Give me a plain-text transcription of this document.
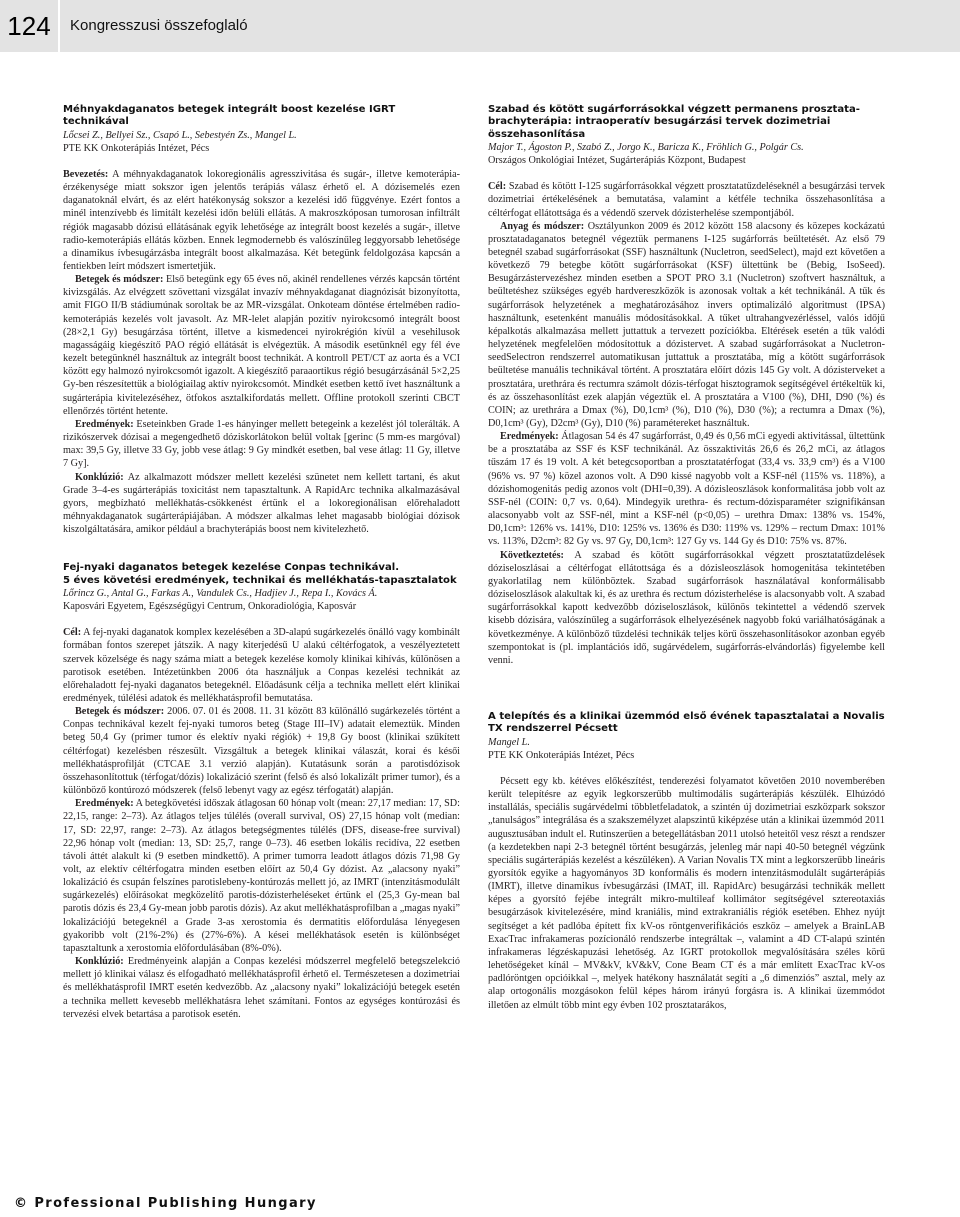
124	Kongresszusi összefoglaló
Méhnyakdaganatos betegek integrált boost kezelése IGRT technikával
Lőcsei Z., Bellyei Sz., Csapó L., Sebestyén Zs., Mangel L.
PTE KK Onkoterápiás Intézet, Pécs

Bevezetés: A méhnyakdaganatok lokoregionális agresszivitása és sugár-, illetve kemoterápia-érzékenysége miatt sokszor igen jelentős terápiás válasz érhető el. A dózisemelés ezen daganatoknál elvárt, és az elért hatékonyság sokszor a kezelési idő függvénye. Ezért fontos a minél intenzívebb és limitált kezelési időn belüli ellátás. A makroszkóposan tumorosan infiltrált régiók magasabb dózisú ellátásának egyik lehetősége az integrált boost kezelés a sugár-, illetve radio-kemoterápiás ellátás közben. Ennek legmodernebb és valószínűleg leggyorsabb lehetősége a dinamikus ívbesugárzásba integrált boost alkalmazása. Két betegünk feldolgozása kapcsán a fentiekben leírt módszert ismertetjük.

Betegek és módszer: Első betegünk egy 65 éves nő, akinél rendellenes vérzés kapcsán történt kivizsgálás. Az elvégzett szövettani vizsgálat invazív méhnyakdaganat diagnózisát bizonyította, amit FIGO II/B stádiumúnak soroltak be az MR-vizsgálat. Onkoteam döntése értelmében radio-kemoterápiás kezelés volt javasolt. Az MR-lelet alapján pozitív nyirokcsomó integrált boost (28×2,1 Gy) besugárzása történt, illetve a kismedencei nyirokrégión kívül a vesehilusok magasságáig kiegészítő PAO régió ellátását is elvégeztük. A második esetünknél egy fél éve kezelt betegünknél használtuk az integrált boost technikát. A kontroll PET/CT az aorta és a VCI között egy halmozó nyirokcsomót igazolt. A kiegészítő paraaortikus régió besugárzásánál 5×2,25 Gy-ben részesítettük a biológiailag aktív nyirokcsomót. Mindkét esetben kettő ívet használtunk a sugárterápia kivitelezéséhez, ötfokos asztalkifordatás mellett. Offline protokoll szerinti CBCT ellenőrzés történt hetente.

Eredmények: Eseteinkben Grade 1-es hányinger mellett betegeink a kezelést jól tolerálták. A rizikószervek dózisai a megengedhető dóziskorlátokon belül voltak [gerinc (5 mm-es margóval) max: 39,5 Gy, illetve 33 Gy, jobb vese átlag: 9 Gy mindkét esetben, bal vese átlag: 11 Gy, illetve 7 Gy].

Konklúzió: Az alkalmazott módszer mellett kezelési szünetet nem kellett tartani, és akut Grade 3–4-es sugárterápiás toxicitást nem tapasztaltunk. A RapidArc technika alkalmazásával gyors, megbízható mellékhatás-csökkenést értünk el a lokoregionálisan előrehaladott méhnyakdaganatok sugárterápiájában. A módszer alkalmas lehet magasabb biológiai dózisok kiszolgáltatására, amikor például a brachyterápiás boost nem kivitelezhető.

Fej-nyaki daganatos betegek kezelése Conpas technikával.
5 éves követési eredmények, technikai és mellékhatás-tapasztalatok
Lőrincz G., Antal G., Farkas A., Vandulek Cs., Hadjiev J., Repa I., Kovács Á.
Kaposvári Egyetem, Egészségügyi Centrum, Onkoradiológia, Kaposvár

Cél: A fej-nyaki daganatok komplex kezelésében a 3D-alapú sugárkezelés önálló vagy kombinált formában fontos szerepet játszik. A nagy kiterjedésű U alakú céltérfogatok, a veszélyeztetett szervek közelsége és nagy száma miatt a betegek kezelése komoly klinikai kihívás, különösen a parotisok esetében. Intézetünkben 2006 óta használjuk a Conpas kezelési technikát az előrehaladott fej-nyaki daganatos betegeknél. Előadásunk célja a technika mellett elért klinikai eredmények, túlélési adatok és mellékhatásprofil bemutatása.

Betegek és módszer: 2006. 07. 01 és 2008. 11. 31 között 83 különálló sugárkezelés történt a Conpas technikával kezelt fej-nyaki tumoros beteg (Stage III–IV) adatait elemeztük. Minden beteg 50,4 Gy (primer tumor és elektív nyaki régiók) + 19,8 Gy boost (klinikai szűkített céltérfogat) kezelésben részesült. Vizsgáltuk a betegek klinikai válaszát, korai és késői mellékhatásprofilját (CTCAE 3.1 verzió alapján). Kutatásunk során a parotisdózisok összehasonlítottuk (térfogat/dózis) lokalizáció szerint (felső és alsó lokalizált primer tumor), és a különböző kontúrozó módszerek (felső lebenyt vagy az egész térfogatát) alapján.

Eredmények: A betegkövetési időszak átlagosan 60 hónap volt (mean: 27,17 median: 17, SD: 22,15, range: 2–73). Az átlagos teljes túlélés (overall survival, OS) 27,15 hónap volt (median: 17, SD: 22,97, range: 2–73). Az átlagos betegségmentes túlélés (DFS, disease-free survival) 22,96 hónap volt (median: 13, SD: 25,7, range 0–73). 46 esetben lokális recidíva, 22 esetben távoli áttét alakult ki (9 esetben mindkettő). A primer tumorra leadott átlagos dózis 71,98 Gy volt, az elektív céltérfogatra minden esetben előírt az 50,4 Gy dózist. Az „alacsony nyaki” lokalizáció és csupán felszínes parotislebeny-kontúrozás mellett jó, az IMRT (intenzitásmodulált sugárkezelés) előírásokat megközelítő parotis-dózisterheléseket értünk el (25,3 Gy-mean bal parotis dózis és 23,4 Gy-mean jobb parotis dózis). Az akut mellékhatásprofilban a „magas nyaki” lokalizációjú betegeknél a Grade 3-as xerostomia és dermatitis előfordulása lényegesen gyakoribb volt (21%-2%) és (27%-6%). A kései mellékhatások esetén is különbséget tapasztaltunk a xerostomia előfordulásában (8%-0%).

Konklúzió: Eredményeink alapján a Conpas kezelési módszerrel megfelelő betegszelekció mellett jó klinikai válasz és elfogadható mellékhatásprofil érhető el. Természetesen a dozimetriai és mellékhatásprofil IMRT esetén kedvezőbb. Az „alacsony nyaki” lokalizációjú betegek esetén a technika mellett kevesebb mellékhatásra lehet számítani. Fontos az egységes kontúrozási és tervezési elvek betartása a parotisok esetén.

Szabad és kötött sugárforrásokkal végzett permanens prosztata-brachyterápia: intraoperatív besugárzási tervek dozimetriai összehasonlítása
Major T., Ágoston P., Szabó Z., Jorgo K., Baricza K., Fröhlich G., Polgár Cs.
Országos Onkológiai Intézet, Sugárterápiás Központ, Budapest

Cél: Szabad és kötött I-125 sugárforrásokkal végzett prosztatatűzdeléseknél a besugárzási tervek dozimetriai értékelésének a bemutatása, valamint a kétféle technika összehasonlítása a céltérfogat ellátottsága és a védendő szervek dózisterhelése szempontjából.

Anyag és módszer: Osztályunkon 2009 és 2012 között 158 alacsony és közepes kockázatú prosztatadaganatos betegnél végeztük permanens I-125 sugárforrás beültetését. Az első 79 betegnél szabad sugárforrásokat (SSF) használtunk (Nucletron, seedSelect), majd ezt követően a következő 79 betegbe kötött sugárforrásokat (KSF) ültettünk be (Bebig, IsoSeed). Besugárzástervezéshez minden esetben a SPOT PRO 3.1 (Nucletron) szoftvert használtuk, a beültetéshez szükséges egyéb hardvereszközök is azonosak voltak a két technikánál. A tűk és sugárforrások helyzetének a meghatározásához invers optimalizáló algoritmust (IPSA) használtunk, esetenként manuális módosításokkal. A tűket ultrahangvezérléssel, valós időjű képalkotás alkalmazása mellett juttattuk a tervezett pozíciókba. Eltérések esetén a tűk valódi helyzetének megfelelően módosítottuk a dózistervet. A szabad sugárforrásokat a Nucletron-seedSelectron rendszerrel automatikusan juttattuk a prosztatába, míg a kötött sugárforrások beültetése manuális technikával történt. A prosztatára előírt dózis 145 Gy volt. A dózisterveket a prosztatára, urethrára és rectumra számolt dózis-térfogat hisztogramok segítségével értékeltük ki, és az összehasonlítást ezek alapján végeztük el. A prosztatára a V100 (%), DHI, D90 (%) és COIN; az urethrára a Dmax (%), D0,1cm³ (%), D10 (%), D30 (%); a rectumra a Dmax (%), D0,1cm³ (Gy), D2cm³ (Gy), D10 (%) paramétereket használtuk.

Eredmények: Átlagosan 54 és 47 sugárforrást, 0,49 és 0,56 mCi egyedi aktivitással, ültettünk be a prosztatába az SSF és KSF technikánál. Az összaktivitás 26,6 és 26,2 mCi, az átlagos tűszám 17 és 19 volt. A két betegcsoportban a prosztatatérfogat (33,4 vs. 33,9 cm³) és a V100 (96% vs. 97 %) közel azonos volt. A D90 kissé nagyobb volt a KSF-nél (115% vs. 118%), a dózishomogenitás pedig azonos volt (DHI=0,39). A dózisleoszlások konformalitása jobb volt az SSF-nél (COIN: 0,7 vs. 0,64). Mindegyik urethra- és rectum-dózisparaméter szignifikánsan alacsonyabb volt az SSF-nél, mint a KSF-nél (p<0,05) – urethra Dmax: 138% vs. 154%, D0,1cm³: 126% vs. 141%, D10: 125% vs. 136% és D30: 119% vs. 129% – rectum Dmax: 101% vs. 113%, D2cm³: 82 Gy vs. 97 Gy, D0,1cm³: 127 Gy vs. 144 Gy és D10: 75% vs. 87%.

Következtetés: A szabad és kötött sugárforrásokkal végzett prosztatatűzdelések dóziseloszlásai a céltérfogat ellátottsága és a dózisleoszlások homogenitása tekintetében gyakorlatilag nem különböztek. Szabad sugárforrások használatával konformálisabb dóziseloszlások alakultak ki, és az urethra és rectum dózisterhelése is alacsonyabb volt. A szabad sugárforrásokkal kapott kedvezőbb dóziseloszlások, különös tekintettel a védendő szervek kisebb dózisára, valószínűleg a sugárforrások elhelyezésének nagyobb fokú variálhatóságának a következménye. A különböző tűzdelési technikák teljes körű összehasonlításokor azonban egyéb szempontokat is (pl. implantációs idő, sugárvédelem, sugárforrás-elvándorlás) figyelembe kell venni.

A telepítés és a klinikai üzemmód első évének tapasztalatai a Novalis TX rendszerrel Pécsett
Mangel L.
PTE KK Onkoterápiás Intézet, Pécs

Pécsett egy kb. kétéves előkészítést, tenderezési folyamatot követően 2010 novemberében került telepítésre az egyik legkorszerűbb multimodális sugárterápiás készülék. Elhúzódó installálás, speciális sugárvédelmi többletfeladatok, a szintén új dozimetriai eszközpark sokszor „tanulságos” integrálása és a szakszemélyzet alapszintű kiképzése után a klinikai üzemmód 2011 augusztusában indult el. Rutinszerűen a betegellátásban 2011 utolsó heteitől vesz részt a rendszer (a kezdetekben napi 2-3 betegnél történt besugárzás, jelenleg már napi 40-50 betegnél végzünk speciális sugárterápiás kezelést a készüléken). A Varian Novalis TX mint a legkorszerűbb lineáris gyorsítók egyike a hagyományos 3D konformális és modern intenzitásmodulált sugárterápiás (IMRT), illetve dinamikus ívbesugárzási (IMAT, ill. RapidArc) besugárzási technikák mellett képes a gyorsító fejébe integrált mikro-multileaf kollimátor segítségével sztereotaxiás besugárzások kivitelezésére, mind kraniális, mind extrakraniális régiók esetében. Ehhez nyújt segítséget a két padlóba épített fix kV-os röntgenverifikációs eszköz – amelyek a BrainLAB ExacTrac infrakameras pozícionáló rendszerbe integráltak –, valamint a 4D CT-alapú szintén infrakameras légzéskapuzási lehetőség. Az IGRT protokollok megvalósítására széles körű lehetőségeket kínál – MV&kV, kV&kV, Cone Beam CT és a már említett ExacTrac kV-os padlóröntgen opcióikkal –, melyek hatékony használatát segíti a „6 dimenziós” asztal, mely az alap ortogonális mozgásokon felül képes három irányú forgásra is. A klinikai üzemmódot illetően az elmúlt több mint egy évben 102 prosztatarákos,

© Professional Publishing Hungary
